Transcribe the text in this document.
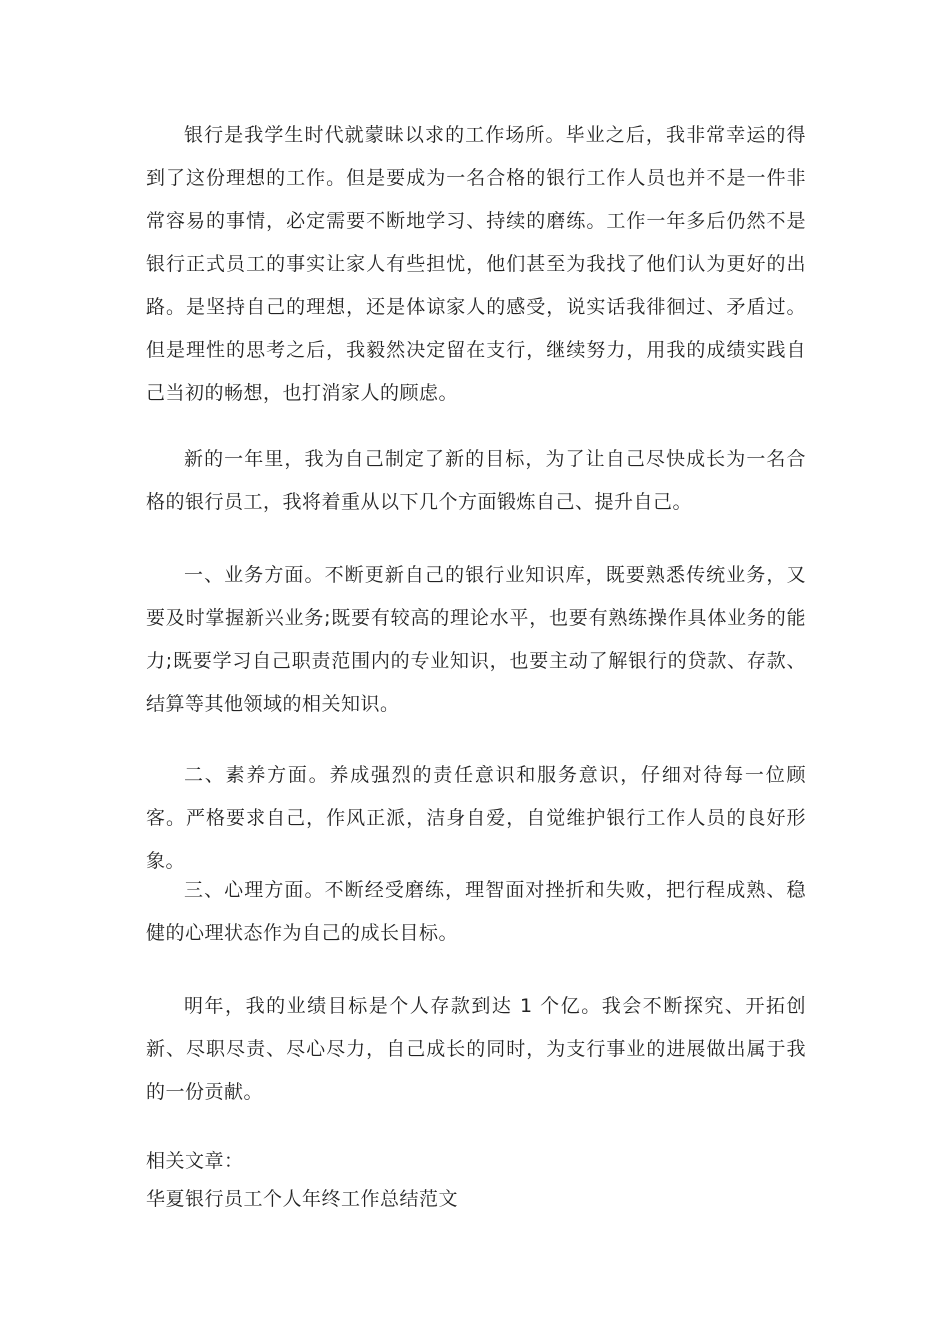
银行是我学生时代就蒙昧以求的工作场所。毕业之后，我非常幸运的得到了这份理想的工作。但是要成为一名合格的银行工作人员也并不是一件非常容易的事情，必定需要不断地学习、持续的磨练。工作一年多后仍然不是银行正式员工的事实让家人有些担忧，他们甚至为我找了他们认为更好的出路。是坚持自己的理想，还是体谅家人的感受，说实话我徘徊过、矛盾过。但是理性的思考之后，我毅然决定留在支行，继续努力，用我的成绩实践自己当初的畅想，也打消家人的顾虑。

新的一年里，我为自己制定了新的目标，为了让自己尽快成长为一名合格的银行员工，我将着重从以下几个方面锻炼自己、提升自己。

一、业务方面。不断更新自己的银行业知识库，既要熟悉传统业务，又要及时掌握新兴业务;既要有较高的理论水平，也要有熟练操作具体业务的能力;既要学习自己职责范围内的专业知识，也要主动了解银行的贷款、存款、结算等其他领域的相关知识。

二、素养方面。养成强烈的责任意识和服务意识，仔细对待每一位顾客。严格要求自己，作风正派，洁身自爱，自觉维护银行工作人员的良好形象。

三、心理方面。不断经受磨练，理智面对挫折和失败，把行程成熟、稳健的心理状态作为自己的成长目标。

明年，我的业绩目标是个人存款到达 1 个亿。我会不断探究、开拓创新、尽职尽责、尽心尽力，自己成长的同时，为支行事业的进展做出属于我的一份贡献。

相关文章：

华夏银行员工个人年终工作总结范文
